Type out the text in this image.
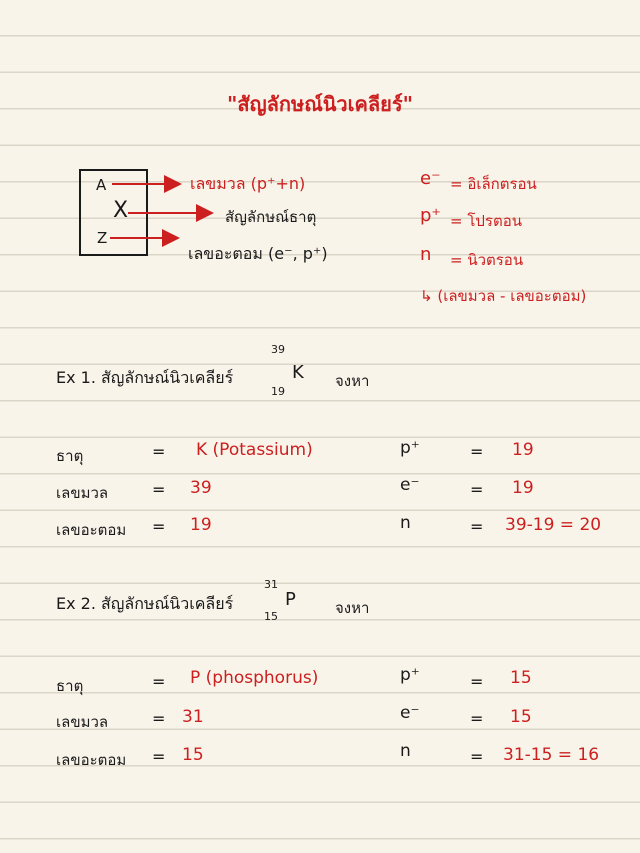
"สัญลักษณ์นิวเคลียร์"
A
X
Z
เลขมวล (p⁺+n)
สัญลักษณ์ธาตุ
เลขอะตอม (e⁻, p⁺)
e⁻ = อิเล็กตรอน
p⁺ = โปรตอน
n = นิวตรอน
↳ (เลขมวล - เลขอะตอม)
Ex 1. สัญลักษณ์นิวเคลียร์
39
19
K จงหา
ธาตุ	= K (Potassium)	p⁺	= 19
เลขมวล	= 39	e⁻	= 19
เลขอะตอม = 19	n	= 39-19 = 20
Ex 2. สัญลักษณ์นิวเคลียร์
31
15
P	จงหา
ธาตุ	= P (phosphorus)	p⁺	= 15
เลขมวล	= 31	e⁻	= 15
เลขอะตอม = 15	n	= 31-15 = 16
